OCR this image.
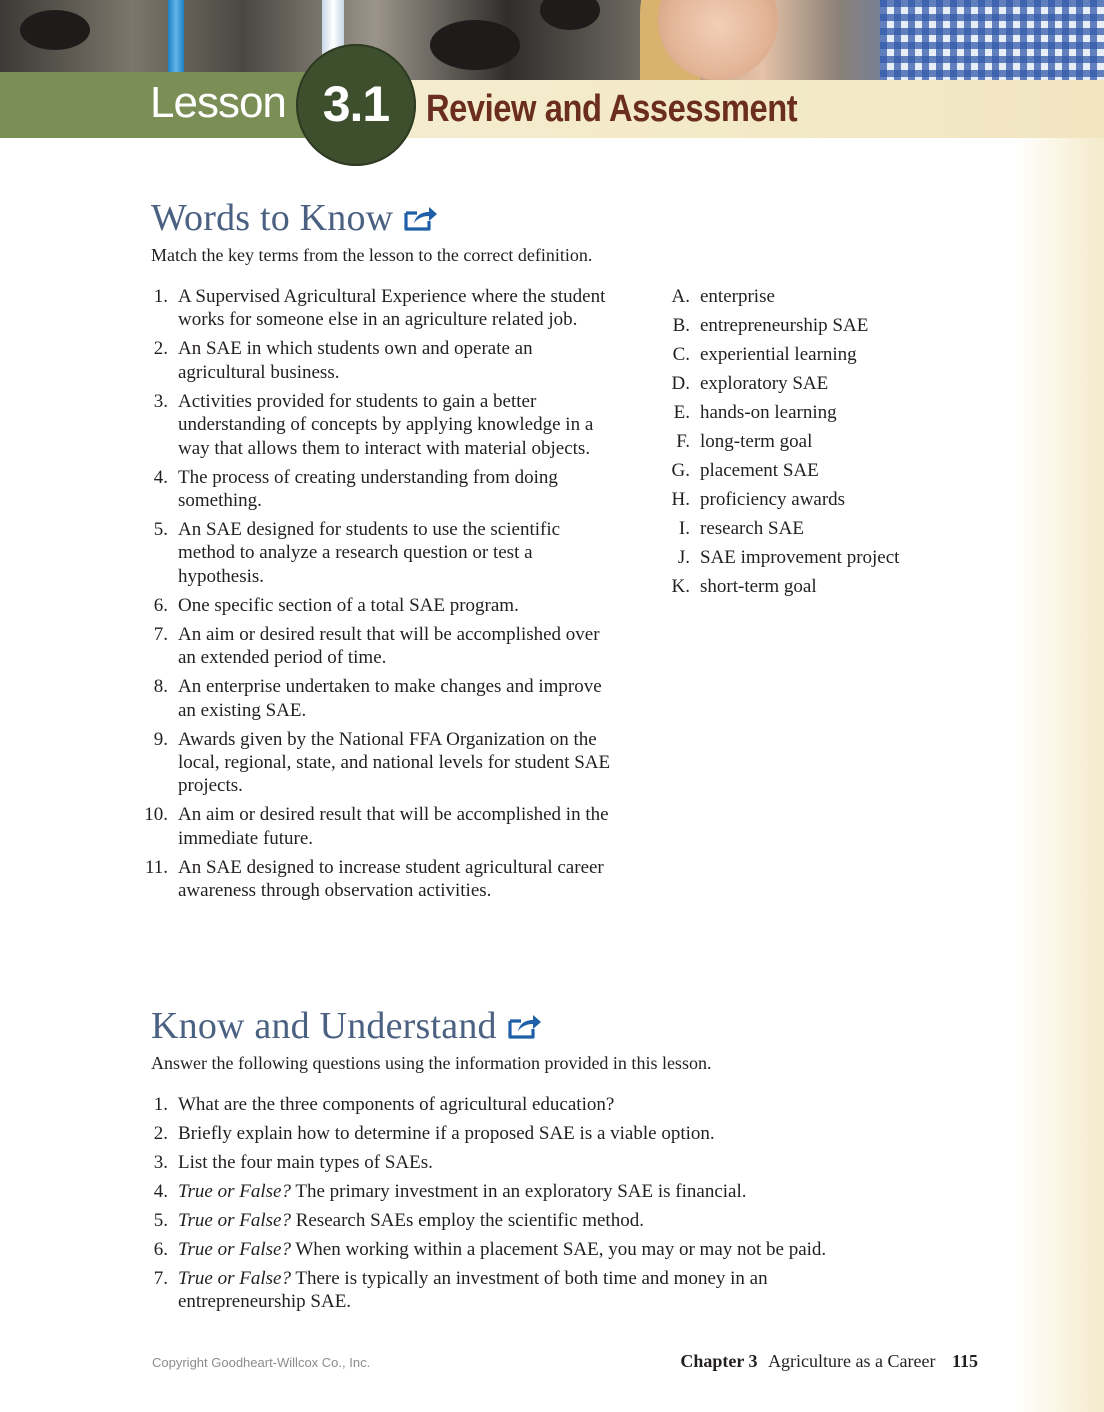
Lesson 3.1 Review and Assessment
Words to Know
Match the key terms from the lesson to the correct definition.
1. A Supervised Agricultural Experience where the student works for someone else in an agriculture related job.
2. An SAE in which students own and operate an agricultural business.
3. Activities provided for students to gain a better understanding of concepts by applying knowledge in a way that allows them to interact with material objects.
4. The process of creating understanding from doing something.
5. An SAE designed for students to use the scientific method to analyze a research question or test a hypothesis.
6. One specific section of a total SAE program.
7. An aim or desired result that will be accomplished over an extended period of time.
8. An enterprise undertaken to make changes and improve an existing SAE.
9. Awards given by the National FFA Organization on the local, regional, state, and national levels for student SAE projects.
10. An aim or desired result that will be accomplished in the immediate future.
11. An SAE designed to increase student agricultural career awareness through observation activities.
A. enterprise
B. entrepreneurship SAE
C. experiential learning
D. exploratory SAE
E. hands-on learning
F. long-term goal
G. placement SAE
H. proficiency awards
I. research SAE
J. SAE improvement project
K. short-term goal
Know and Understand
Answer the following questions using the information provided in this lesson.
1. What are the three components of agricultural education?
2. Briefly explain how to determine if a proposed SAE is a viable option.
3. List the four main types of SAEs.
4. True or False? The primary investment in an exploratory SAE is financial.
5. True or False? Research SAEs employ the scientific method.
6. True or False? When working within a placement SAE, you may or may not be paid.
7. True or False? There is typically an investment of both time and money in an entrepreneurship SAE.
Copyright Goodheart-Willcox Co., Inc.	Chapter 3 Agriculture as a Career 115
